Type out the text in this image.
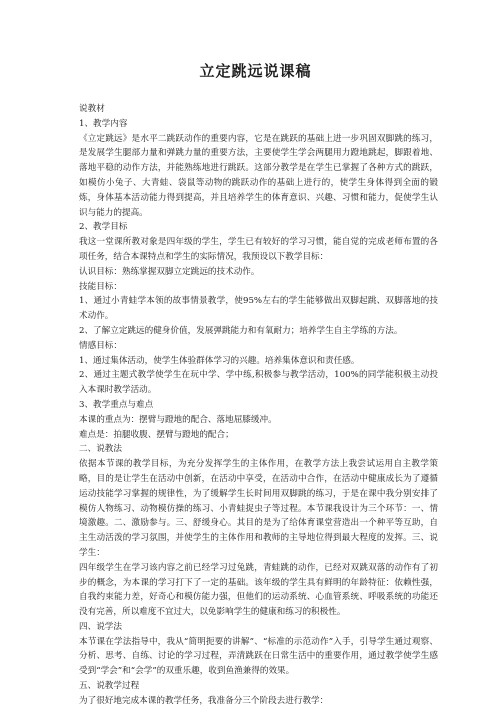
立定跳远说课稿

说教材

1、教学内容

《立定跳远》是水平二跳跃动作的重要内容，它是在跳跃的基础上进一步巩固双脚跳的练习，是发展学生腿部力量和弹跳力量的重要方法，主要使学生学会两腿用力蹬地跳起，脚跟着地、落地平稳的动作方法，并能熟练地进行跳跃。这部分教学是在学生已掌握了各种方式的跳跃，如模仿小兔子、大青蛙、袋鼠等动物的跳跃动作的基础上进行的，使学生身体得到全面的锻炼，身体基本活动能力得到提高，并且培养学生的体育意识、兴趣、习惯和能力，促使学生认识与能力的提高。

2、教学目标

我这一堂课所教对象是四年级的学生，学生已有较好的学习习惯，能自觉的完成老师布置的各项任务，结合本课特点和学生的实际情况，我预设以下教学目标：

认识目标：熟练掌握双脚立定跳远的技术动作。

技能目标：

1、通过小青蛙学本领的故事情景教学，使95%左右的学生能够做出双脚起跳、双脚落地的技术动作。

2、了解立定跳远的健身价值，发展弹跳能力和有氧耐力；培养学生自主学练的方法。

情感目标：

1、通过集体活动，使学生体验群体学习的兴趣。培养集体意识和责任感。

2、通过主题式教学使学生在玩中学、学中练,积极参与教学活动，100%的同学能积极主动投入本课时教学活动。

3、教学重点与难点

本课的重点为：摆臂与蹬地的配合、落地屈膝缓冲。

难点是：拍腿收腹、摆臂与蹬地的配合；

二、说教法

依据本节课的教学目标，为充分发挥学生的主体作用，在教学方法上我尝试运用自主教学策略，目的是让学生在活动中创新，在活动中享受，在活动中合作，在活动中健康成长为了遵循运动技能学习掌握的规律性，为了缓解学生长时间用双脚跳的练习，于是在课中我分别安排了模仿人物练习、动物模仿操的练习、小青蛙捉虫子等过程。本节课我设计为三个环节：一、情境激趣。二、激励参与。三、舒缓身心。其目的是为了给体育课堂营造出一个种平等互助，自主生动活泼的学习氛围，并使学生的主体作用和教师的主导地位得到最大程度的发挥。三、说学生：

四年级学生在学习该内容之前已经学习过兔跳，青蛙跳的动作，已经对双跳双落的动作有了初步的概念，为本课的学习打下了一定的基础。该年级的学生具有鲜明的年龄特征：依赖性强，自我约束能力差，好奇心和模仿能力强，但他们的运动系统、心血管系统、呼吸系统的功能还没有完善，所以难度不宜过大，以免影响学生的健康和练习的积极性。

四、说学法

本节课在学法指导中，我从“简明扼要的讲解”、“标准的示范动作”入手，引导学生通过观察、分析、思考、自练、讨论的学习过程，弄清跳跃在日常生活中的重要作用，通过教学使学生感受到“学会”和“会学”的双重乐趣，收到鱼渔兼得的效果。

五、说教学过程

为了很好地完成本课的教学任务，我准备分三个阶段去进行教学：
